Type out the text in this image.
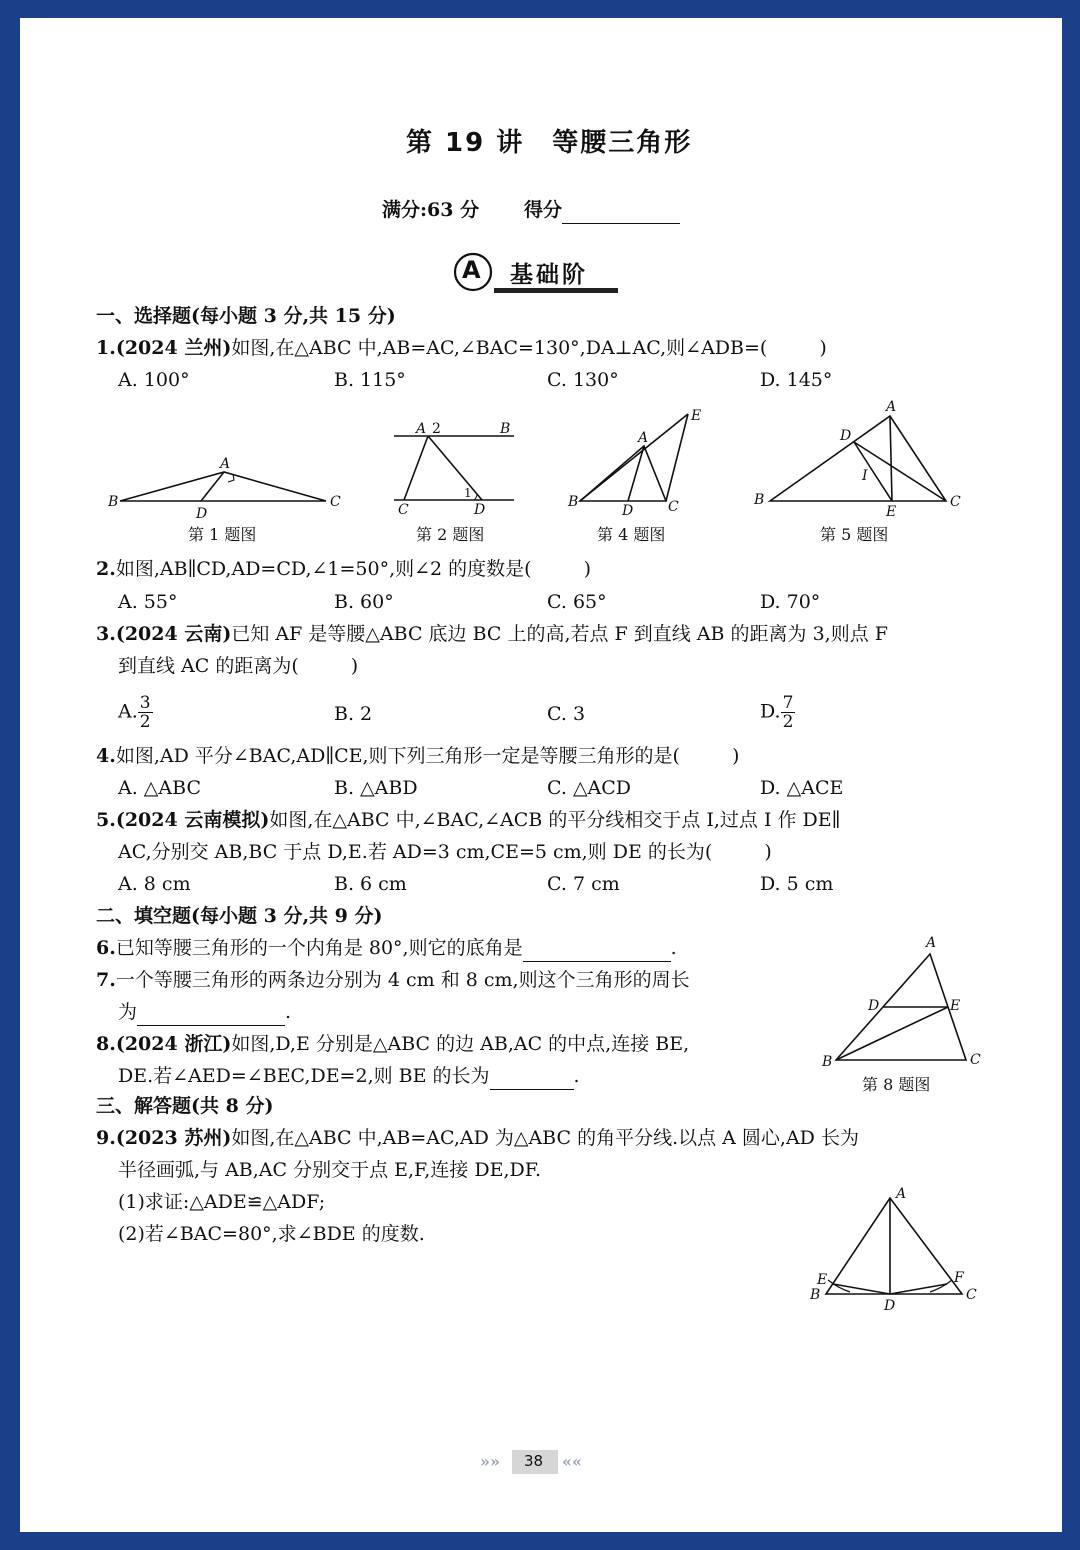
第 19 讲　等腰三角形
满分:63 分 得分
A 基础阶
一、选择题(每小题 3 分,共 15 分)
1.(2024 兰州)如图,在△ABC 中,AB=AC,∠BAC=130°,DA⊥AC,则∠ADB=(	)
A. 100°	B. 115°	C. 130°	D. 145°
A
B	C
D
A 2	B
C
1
D
E
A
B
D C
A
D
I
B
E
C
第 1 题图	第 2 题图	第 4 题图	第 5 题图
2.如图,AB∥CD,AD=CD,∠1=50°,则∠2 的度数是(	)
A. 55°	B. 60°	C. 65°	D. 70°
3.(2024 云南)已知 AF 是等腰△ABC 底边 BC 上的高,若点 F 到直线 AB 的距离为 3,则点 F
到直线 AC 的距离为(	)
A. $\frac{3}{2}$	B. 2	C. 3	D. $\frac{7}{2}$
4.如图,AD 平分∠BAC,AD∥CE,则下列三角形一定是等腰三角形的是(	)
A. △ABC	B. △ABD	C. △ACD	D. △ACE
5.(2024 云南模拟)如图,在△ABC 中,∠BAC,∠ACB 的平分线相交于点 I,过点 I 作 DE∥
AC,分别交 AB,BC 于点 D,E.若 AD=3 cm,CE=5 cm,则 DE 的长为(	)
A. 8 cm	B. 6 cm	C. 7 cm	D. 5 cm
二、填空题(每小题 3 分,共 9 分)
6.已知等腰三角形的一个内角是 80°,则它的底角是	.
7.一个等腰三角形的两条边分别为 4 cm 和 8 cm,则这个三角形的周长
为	.
8.(2024 浙江)如图,D,E 分别是△ABC 的边 AB,AC 的中点,连接 BE,
DE.若∠AED=∠BEC,DE=2,则 BE 的长为	.
A
D	E
B	C
第 8 题图
三、解答题(共 8 分)
9.(2023 苏州)如图,在△ABC 中,AB=AC,AD 为△ABC 的角平分线.以点 A 圆心,AD 长为
半径画弧,与 AB,AC 分别交于点 E,F,连接 DE,DF.
(1)求证:△ADE≌△ADF;
(2)若∠BAC=80°,求∠BDE 的度数.
A
E	F
B
D
C
»» 38 ««
